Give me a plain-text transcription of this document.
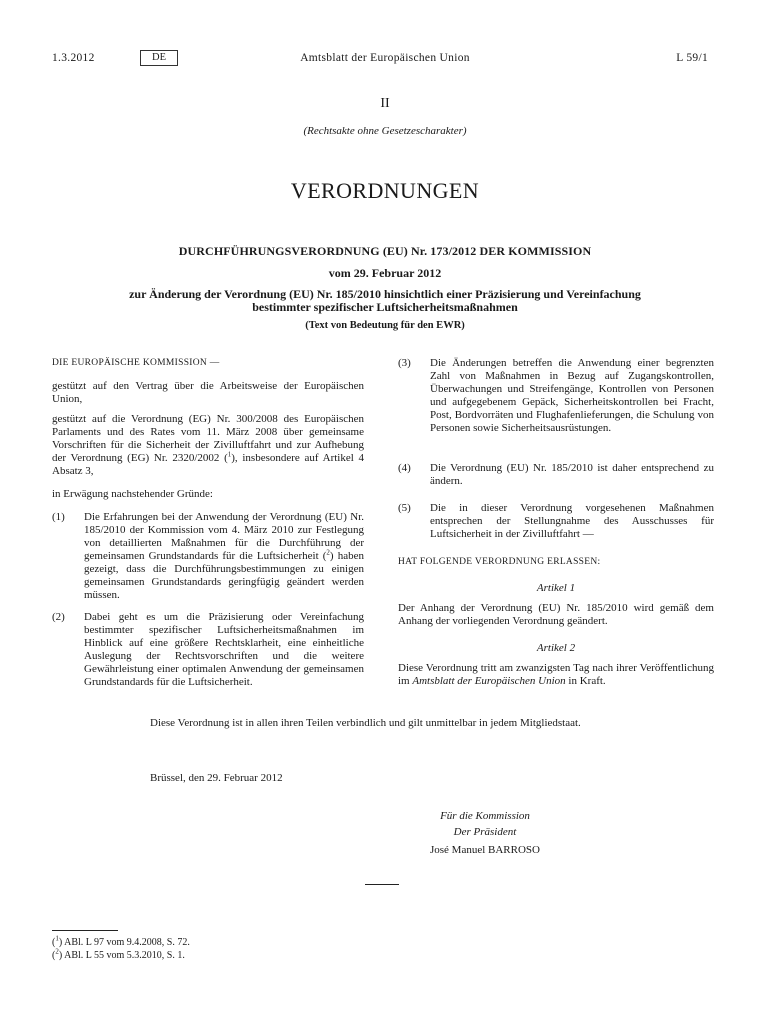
1.3.2012	DE	Amtsblatt der Europäischen Union	L 59/1
II
(Rechtsakte ohne Gesetzescharakter)
VERORDNUNGEN
DURCHFÜHRUNGSVERORDNUNG (EU) Nr. 173/2012 DER KOMMISSION
vom 29. Februar 2012
zur Änderung der Verordnung (EU) Nr. 185/2010 hinsichtlich einer Präzisierung und Vereinfachung bestimmter spezifischer Luftsicherheitsmaßnahmen
(Text von Bedeutung für den EWR)
DIE EUROPÄISCHE KOMMISSION —
gestützt auf den Vertrag über die Arbeitsweise der Europäischen Union,
gestützt auf die Verordnung (EG) Nr. 300/2008 des Europäischen Parlaments und des Rates vom 11. März 2008 über gemeinsame Vorschriften für die Sicherheit der Zivilluftfahrt und zur Aufhebung der Verordnung (EG) Nr. 2320/2002 ($^1$), insbesondere auf Artikel 4 Absatz 3,
in Erwägung nachstehender Gründe:
(1) Die Erfahrungen bei der Anwendung der Verordnung (EU) Nr. 185/2010 der Kommission vom 4. März 2010 zur Festlegung von detaillierten Maßnahmen für die Durchführung der gemeinsamen Grundstandards für die Luftsicherheit ($^2$) haben gezeigt, dass die Durchführungsbestimmungen zu einigen gemeinsamen Grundstandards geringfügig geändert werden müssen.
(2) Dabei geht es um die Präzisierung oder Vereinfachung bestimmter spezifischer Luftsicherheitsmaßnahmen im Hinblick auf eine größere Rechtsklarheit, eine einheitliche Auslegung der Rechtsvorschriften und die weitere Gewährleistung einer optimalen Anwendung der gemeinsamen Grundstandards für die Luftsicherheit.
(3) Die Änderungen betreffen die Anwendung einer begrenzten Zahl von Maßnahmen in Bezug auf Zugangskontrollen, Überwachungen und Streifengänge, Kontrollen von Personen und aufgegebenem Gepäck, Sicherheitskontrollen bei Fracht, Post, Bordvorräten und Flughafenlieferungen, die Schulung von Personen sowie Sicherheitsausrüstungen.
(4) Die Verordnung (EU) Nr. 185/2010 ist daher entsprechend zu ändern.
(5) Die in dieser Verordnung vorgesehenen Maßnahmen entsprechen der Stellungnahme des Ausschusses für Luftsicherheit in der Zivilluftfahrt —
HAT FOLGENDE VERORDNUNG ERLASSEN:
Artikel 1
Der Anhang der Verordnung (EU) Nr. 185/2010 wird gemäß dem Anhang der vorliegenden Verordnung geändert.
Artikel 2
Diese Verordnung tritt am zwanzigsten Tag nach ihrer Veröffentlichung im Amtsblatt der Europäischen Union in Kraft.
Diese Verordnung ist in allen ihren Teilen verbindlich und gilt unmittelbar in jedem Mitgliedstaat.
Brüssel, den 29. Februar 2012
Für die Kommission
Der Präsident
José Manuel BARROSO
($^1$) ABl. L 97 vom 9.4.2008, S. 72.
($^2$) ABl. L 55 vom 5.3.2010, S. 1.
